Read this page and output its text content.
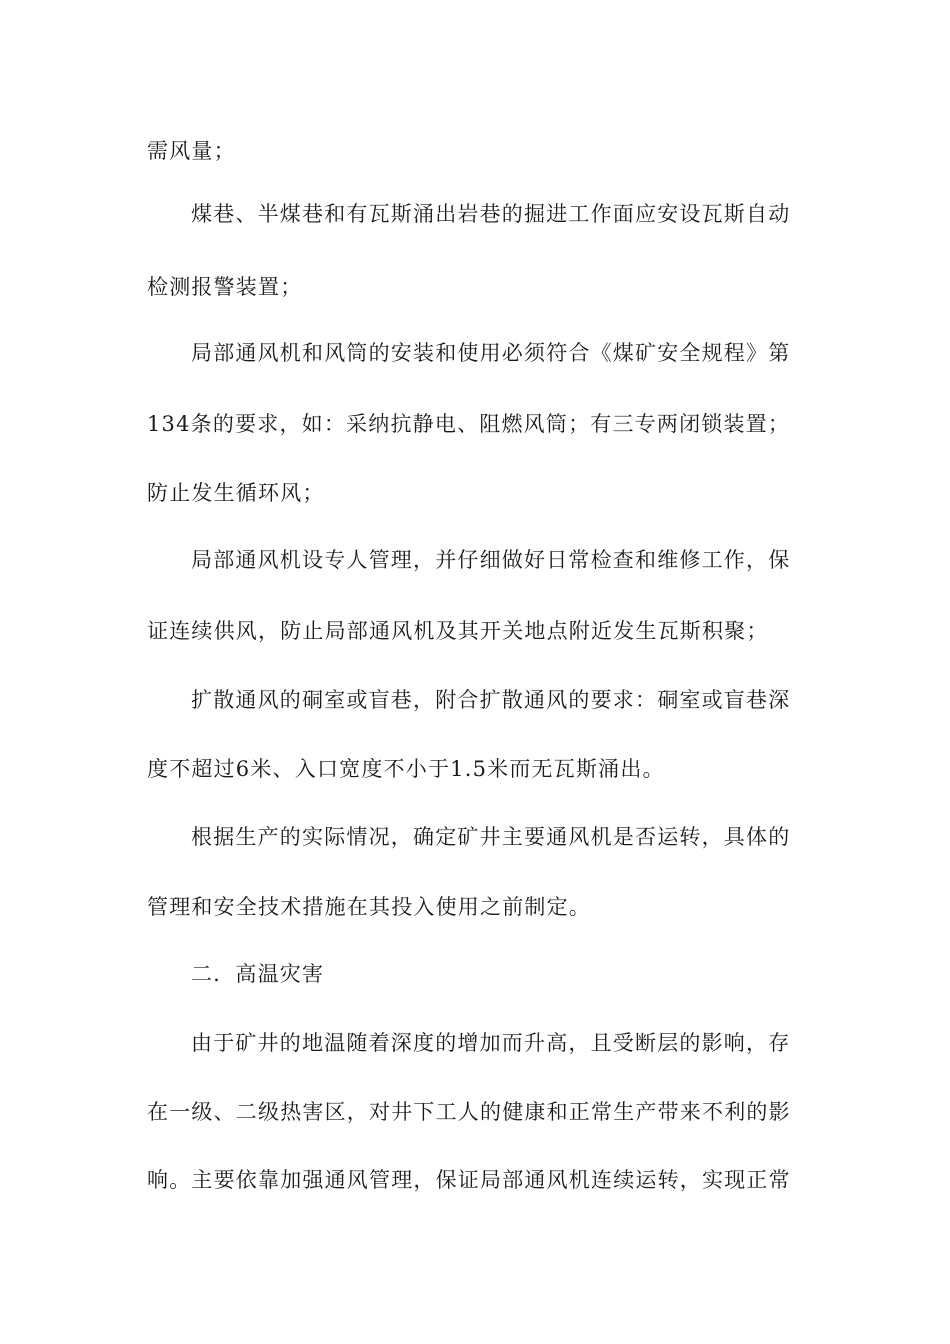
需风量；
煤巷、半煤巷和有瓦斯涌出岩巷的掘进工作面应安设瓦斯自动
检测报警装置；
局部通风机和风筒的安装和使用必须符合《煤矿安全规程》第
134条的要求，如：采纳抗静电、阻燃风筒；有三专两闭锁装置；
防止发生循环风；
局部通风机设专人管理，并仔细做好日常检查和维修工作，保
证连续供风，防止局部通风机及其开关地点附近发生瓦斯积聚；
扩散通风的硐室或盲巷，附合扩散通风的要求：硐室或盲巷深
度不超过6米、入口宽度不小于1.5米而无瓦斯涌出。
根据生产的实际情况，确定矿井主要通风机是否运转，具体的
管理和安全技术措施在其投入使用之前制定。
二．高温灾害
由于矿井的地温随着深度的增加而升高，且受断层的影响，存
在一级、二级热害区，对井下工人的健康和正常生产带来不利的影
响。主要依靠加强通风管理，保证局部通风机连续运转，实现正常
